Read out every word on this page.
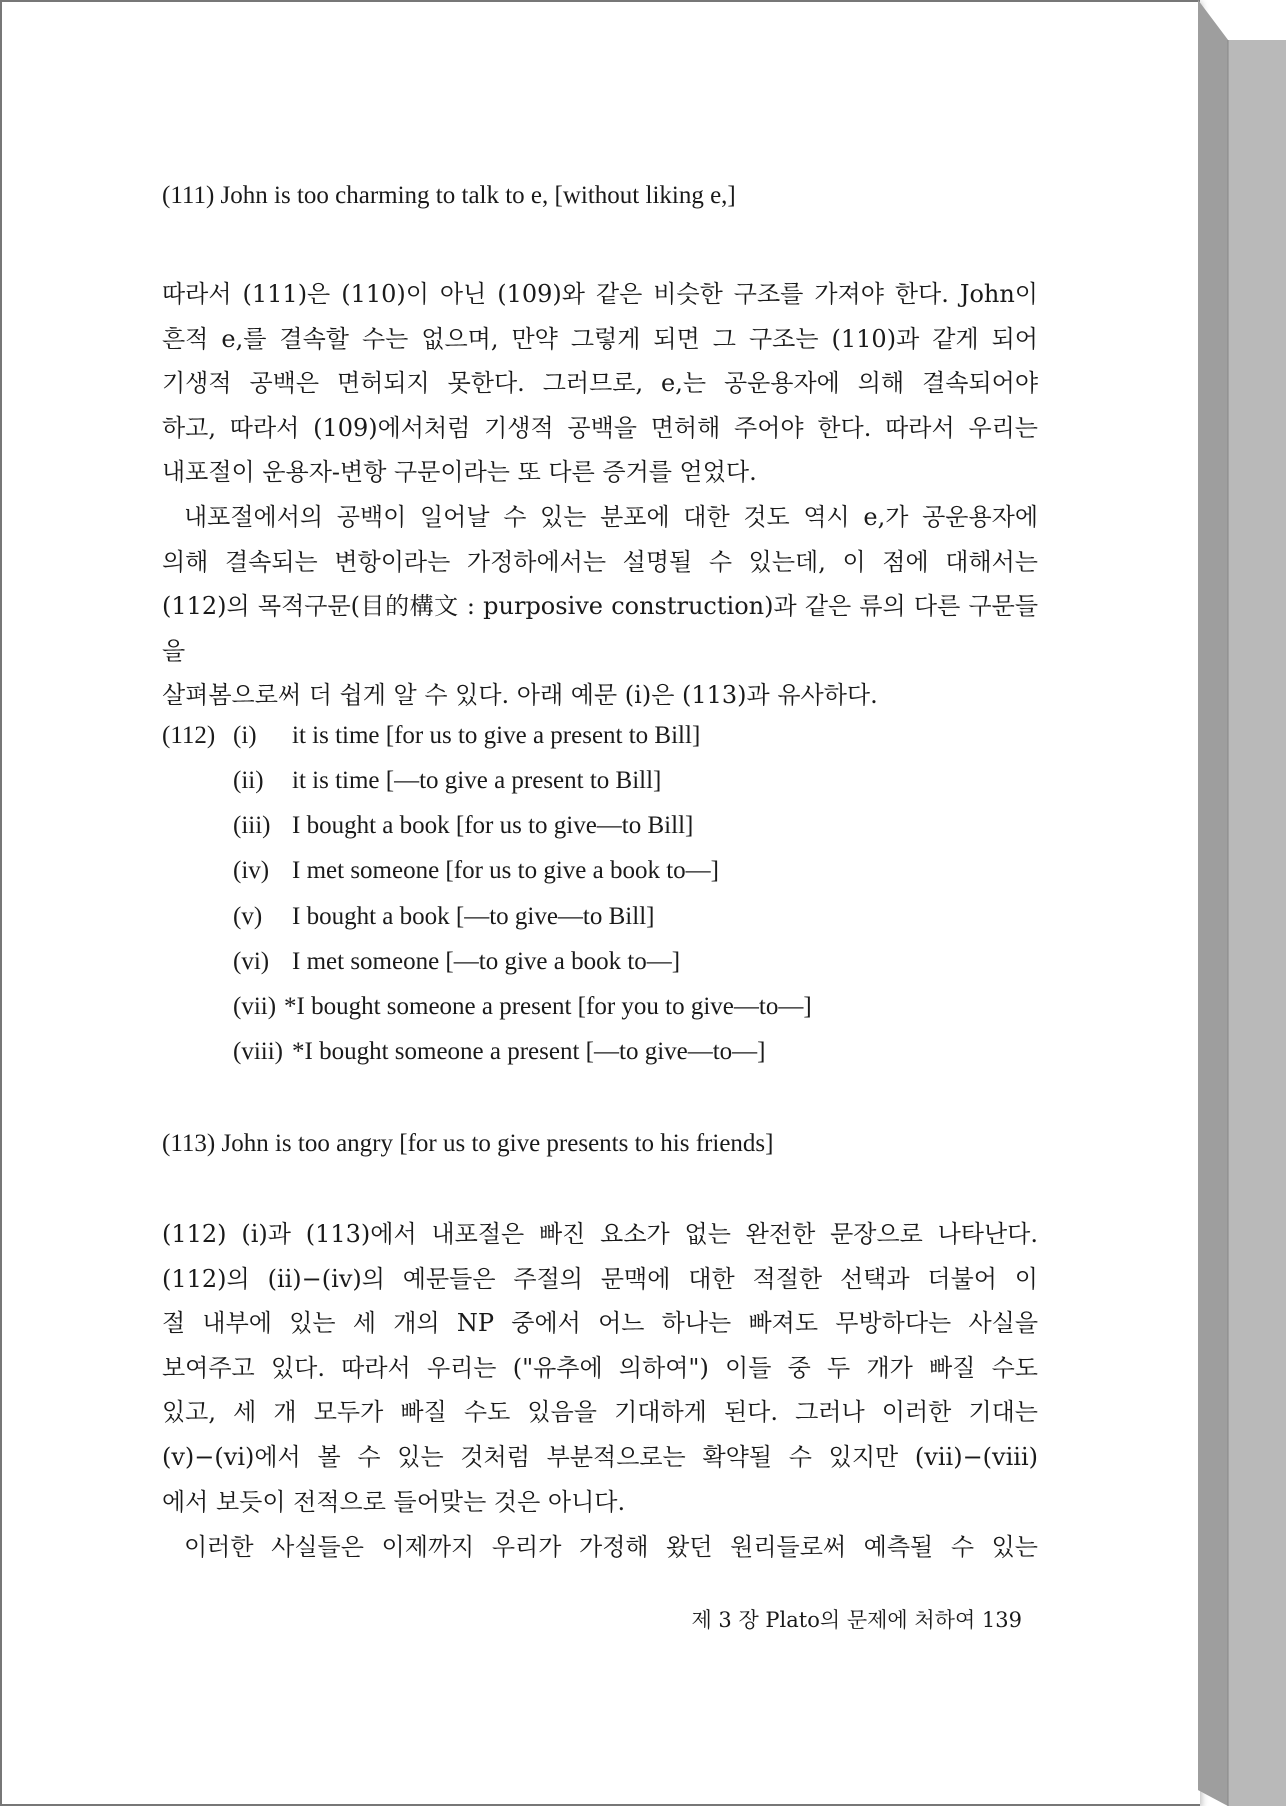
(111) John is too charming to talk to e, [without liking e,]

따라서 (111)은 (110)이 아닌 (109)와 같은 비슷한 구조를 가져야 한다. John이

흔적 e,를 결속할 수는 없으며, 만약 그렇게 되면 그 구조는 (110)과 같게 되어

기생적 공백은 면허되지 못한다. 그러므로, e,는 공운용자에 의해 결속되어야

하고, 따라서 (109)에서처럼 기생적 공백을 면허해 주어야 한다. 따라서 우리는

내포절이 운용자-변항 구문이라는 또 다른 증거를 얻었다.

내포절에서의 공백이 일어날 수 있는 분포에 대한 것도 역시 e,가 공운용자에

의해 결속되는 변항이라는 가정하에서는 설명될 수 있는데, 이 점에 대해서는

(112)의 목적구문(目的構文 : purposive construction)과 같은 류의 다른 구문들을

살펴봄으로써 더 쉽게 알 수 있다. 아래 예문 (i)은 (113)과 유사하다.

(112) (i) it is time [for us to give a present to Bill]
(ii) it is time [—to give a present to Bill]
(iii) I bought a book [for us to give—to Bill]
(iv) I met someone [for us to give a book to—]
(v) I bought a book [—to give—to Bill]
(vi) I met someone [—to give a book to—]
(vii) *I bought someone a present [for you to give—to—]
(viii) *I bought someone a present [—to give—to—]
(113) John is too angry [for us to give presents to his friends]

(112) (i)과 (113)에서 내포절은 빠진 요소가 없는 완전한 문장으로 나타난다.

(112)의 (ii)−(iv)의 예문들은 주절의 문맥에 대한 적절한 선택과 더불어 이

절 내부에 있는 세 개의 NP 중에서 어느 하나는 빠져도 무방하다는 사실을

보여주고 있다. 따라서 우리는 ("유추에 의하여") 이들 중 두 개가 빠질 수도

있고, 세 개 모두가 빠질 수도 있음을 기대하게 된다. 그러나 이러한 기대는

(v)−(vi)에서 볼 수 있는 것처럼 부분적으로는 확약될 수 있지만 (vii)−(viii)

에서 보듯이 전적으로 들어맞는 것은 아니다.

이러한 사실들은 이제까지 우리가 가정해 왔던 원리들로써 예측될 수 있는

제 3 장 Plato의 문제에 처하여 139
